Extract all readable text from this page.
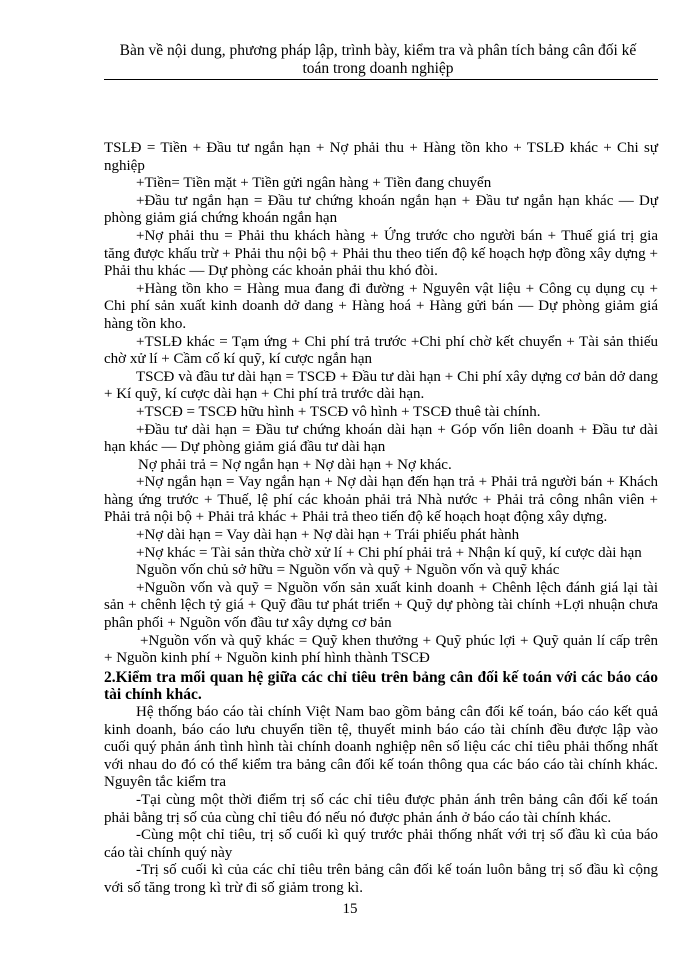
Bàn về nội dung, phương pháp lập, trình bày, kiểm tra và phân tích bảng cân đối kế
toán trong doanh nghiệp

TSLĐ = Tiền + Đầu tư ngắn hạn + Nợ phải thu + Hàng tồn kho + TSLĐ khác + Chi sự nghiệp

+Tiền= Tiền mặt + Tiền gửi ngân hàng + Tiền đang chuyển

+Đầu tư ngắn hạn = Đầu tư chứng khoán ngắn hạn + Đầu tư ngắn hạn khác — Dự phòng giảm giá chứng khoán ngắn hạn

+Nợ phải thu = Phải thu khách hàng + Ứng trước cho người bán + Thuế giá trị gia tăng được khấu trừ + Phải thu nội bộ + Phải thu theo tiến độ kế hoạch hợp đồng xây dựng + Phải thu khác — Dự phòng các khoản phải thu khó đòi.

+Hàng tồn kho = Hàng mua đang đi đường + Nguyên vật liệu + Công cụ dụng cụ + Chi phí sản xuất kinh doanh dở dang + Hàng hoá + Hàng gửi bán — Dự phòng giảm giá hàng tồn kho.

+TSLĐ khác = Tạm ứng + Chi phí trả trước +Chi phí chờ kết chuyển + Tài sản thiếu chờ xử lí + Cầm cố kí quỹ, kí cược ngắn hạn

TSCĐ và đầu tư dài hạn = TSCĐ + Đầu tư dài hạn + Chi phí xây dựng cơ bản dở dang + Kí quỹ, kí cược dài hạn + Chi phí trả trước dài hạn.

+TSCĐ = TSCĐ hữu hình + TSCĐ vô hình + TSCĐ thuê tài chính.

+Đầu tư dài hạn = Đầu tư chứng khoán dài hạn + Góp vốn liên doanh + Đầu tư dài hạn khác — Dự phòng giảm giá đầu tư dài hạn

Nợ phải trả = Nợ ngắn hạn + Nợ dài hạn + Nợ khác.

+Nợ ngắn hạn = Vay ngắn hạn + Nợ dài hạn đến hạn trả + Phải trả người bán + Khách hàng ứng trước + Thuế, lệ phí các khoản phải trả Nhà nước + Phải trả công nhân viên + Phải trả nội bộ + Phải trả khác + Phải trả theo tiến độ kế hoạch hoạt động xây dựng.

+Nợ dài hạn = Vay dài hạn + Nợ dài hạn + Trái phiếu phát hành

+Nợ khác = Tài sản thừa chờ xử lí + Chi phí phải trả + Nhận kí quỹ, kí cược dài hạn

Nguồn vốn chủ sở hữu = Nguồn vốn và quỹ + Nguồn vốn và quỹ khác

+Nguồn vốn và quỹ = Nguồn vốn sản xuất kinh doanh + Chênh lệch đánh giá lại tài sản + chênh lệch tỷ giá + Quỹ đầu tư phát triển + Quỹ dự phòng tài chính +Lợi nhuận chưa phân phối + Nguồn vốn đầu tư xây dựng cơ bản

+Nguồn vốn và quỹ khác = Quỹ khen thưởng + Quỹ phúc lợi + Quỹ quản lí cấp trên + Nguồn kinh phí + Nguồn kinh phí hình thành TSCĐ

2.Kiểm tra mối quan hệ giữa các chỉ tiêu trên bảng cân đối kế toán với các báo cáo tài chính khác.

Hệ thống báo cáo tài chính Việt Nam bao gồm bảng cân đối kế toán, báo cáo kết quả kinh doanh, báo cáo lưu chuyển tiền tệ, thuyết minh báo cáo tài chính đều được lập vào cuối quý phản ánh tình hình tài chính doanh nghiệp nên số liệu các chỉ tiêu phải thống nhất với nhau do đó có thể kiểm tra bảng cân đối kế toán thông qua các báo cáo tài chính khác. Nguyên tắc kiểm tra

-Tại cùng một thời điểm trị số các chỉ tiêu được phản ánh trên bảng cân đối kế toán phải bằng trị số của cùng chỉ tiêu đó nếu nó được phản ánh ở báo cáo tài chính khác.

-Cùng một chỉ tiêu, trị số cuối kì quý trước phải thống nhất với trị số đầu kì của báo cáo tài chính quý này

-Trị số cuối kì của các chỉ tiêu trên bảng cân đối kế toán luôn bằng trị số đầu kì cộng với số tăng trong kì trừ đi số giảm trong kì.

15
